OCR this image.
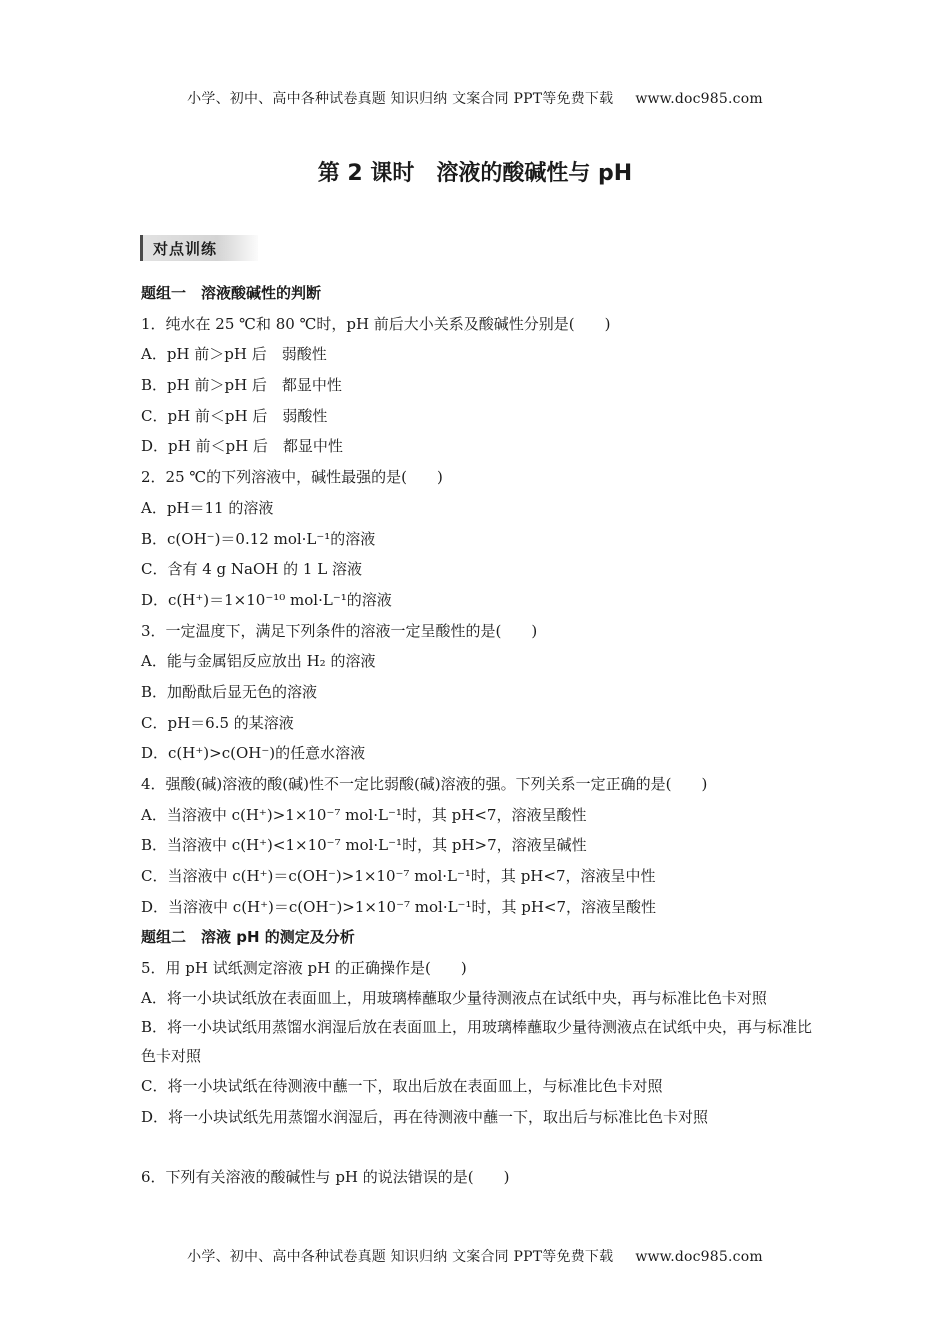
小学、初中、高中各种试卷真题 知识归纳 文案合同 PPT等免费下载 www.doc985.com
第 2 课时　溶液的酸碱性与 pH
对点训练
题组一　溶液酸碱性的判断
1．纯水在 25 ℃和 80 ℃时，pH 前后大小关系及酸碱性分别是(　　)
A．pH 前＞pH 后　弱酸性
B．pH 前＞pH 后　都显中性
C．pH 前＜pH 后　弱酸性
D．pH 前＜pH 后　都显中性
2．25 ℃的下列溶液中，碱性最强的是(　　)
A．pH＝11 的溶液
B．c(OH⁻)＝0.12 mol·L⁻¹的溶液
C．含有 4 g NaOH 的 1 L 溶液
D．c(H⁺)＝1×10⁻¹⁰ mol·L⁻¹的溶液
3．一定温度下，满足下列条件的溶液一定呈酸性的是(　　)
A．能与金属铝反应放出 H₂ 的溶液
B．加酚酞后显无色的溶液
C．pH＝6.5 的某溶液
D．c(H⁺)>c(OH⁻)的任意水溶液
4．强酸(碱)溶液的酸(碱)性不一定比弱酸(碱)溶液的强。下列关系一定正确的是(　　)
A．当溶液中 c(H⁺)>1×10⁻⁷ mol·L⁻¹时，其 pH<7，溶液呈酸性
B．当溶液中 c(H⁺)<1×10⁻⁷ mol·L⁻¹时，其 pH>7，溶液呈碱性
C．当溶液中 c(H⁺)＝c(OH⁻)>1×10⁻⁷ mol·L⁻¹时，其 pH<7，溶液呈中性
D．当溶液中 c(H⁺)＝c(OH⁻)>1×10⁻⁷ mol·L⁻¹时，其 pH<7，溶液呈酸性
题组二　溶液 pH 的测定及分析
5．用 pH 试纸测定溶液 pH 的正确操作是(　　)
A．将一小块试纸放在表面皿上，用玻璃棒蘸取少量待测液点在试纸中央，再与标准比色卡对照
B．将一小块试纸用蒸馏水润湿后放在表面皿上，用玻璃棒蘸取少量待测液点在试纸中央，再与标准比色卡对照
C．将一小块试纸在待测液中蘸一下，取出后放在表面皿上，与标准比色卡对照
D．将一小块试纸先用蒸馏水润湿后，再在待测液中蘸一下，取出后与标准比色卡对照
6．下列有关溶液的酸碱性与 pH 的说法错误的是(　　)
小学、初中、高中各种试卷真题 知识归纳 文案合同 PPT等免费下载 www.doc985.com
